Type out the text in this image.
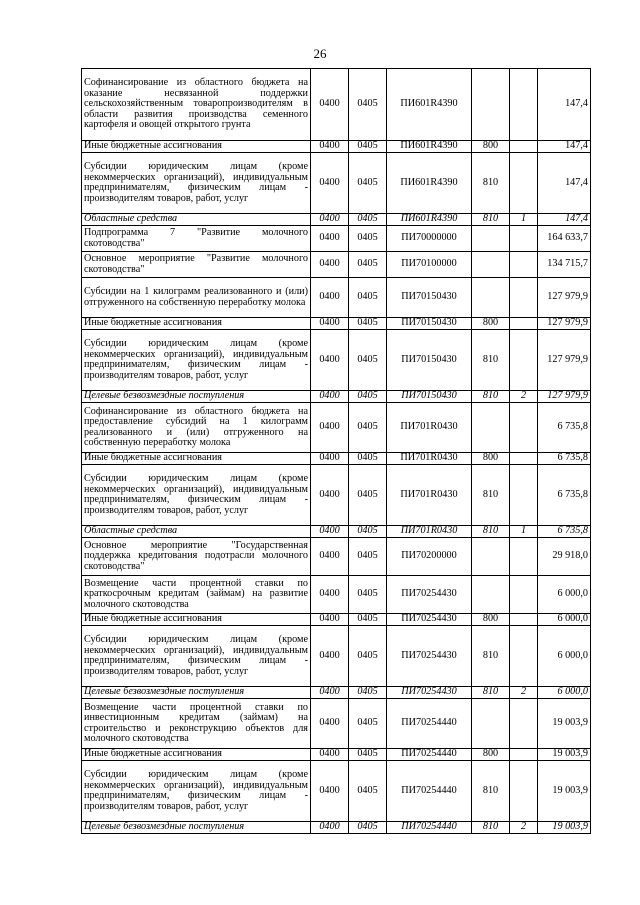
26
Софинансирование из областного бюджета на оказание несвязанной поддержки сельскохозяйственным товаропроизводителям в области развития производства семенного картофеля и овощей открытого грунта	0400	0405	ПИ601R4390			147,4
Иные бюджетные ассигнования	0400	0405	ПИ601R4390	800		147,4
Субсидии юридическим лицам (кроме некоммерческих организаций), индивидуальным предпринимателям, физическим лицам - производителям товаров, работ, услуг	0400	0405	ПИ601R4390	810		147,4
Областные средства	0400	0405	ПИ601R4390	810	1	147,4
Подпрограмма 7 "Развитие молочного скотоводства"	0400	0405	ПИ70000000			164 633,7
Основное мероприятие "Развитие молочного скотоводства"	0400	0405	ПИ70100000			134 715,7
Субсидии на 1 килограмм реализованного и (или) отгруженного на собственную переработку молока	0400	0405	ПИ70150430			127 979,9
Иные бюджетные ассигнования	0400	0405	ПИ70150430	800		127 979,9
Субсидии юридическим лицам (кроме некоммерческих организаций), индивидуальным предпринимателям, физическим лицам - производителям товаров, работ, услуг	0400	0405	ПИ70150430	810		127 979,9
Целевые безвозмездные поступления	0400	0405	ПИ70150430	810	2	127 979,9
Софинансирование из областного бюджета на предоставление субсидий на 1 килограмм реализованного и (или) отгруженного на собственную переработку молока	0400	0405	ПИ701R0430			6 735,8
Иные бюджетные ассигнования	0400	0405	ПИ701R0430	800		6 735,8
Субсидии юридическим лицам (кроме некоммерческих организаций), индивидуальным предпринимателям, физическим лицам - производителям товаров, работ, услуг	0400	0405	ПИ701R0430	810		6 735,8
Областные средства	0400	0405	ПИ701R0430	810	1	6 735,8
Основное мероприятие "Государственная поддержка кредитования подотрасли молочного скотоводства"	0400	0405	ПИ70200000			29 918,0
Возмещение части процентной ставки по краткосрочным кредитам (займам) на развитие молочного скотоводства	0400	0405	ПИ70254430			6 000,0
Иные бюджетные ассигнования	0400	0405	ПИ70254430	800		6 000,0
Субсидии юридическим лицам (кроме некоммерческих организаций), индивидуальным предпринимателям, физическим лицам - производителям товаров, работ, услуг	0400	0405	ПИ70254430	810		6 000,0
Целевые безвозмездные поступления	0400	0405	ПИ70254430	810	2	6 000,0
Возмещение части процентной ставки по инвестиционным кредитам (займам) на строительство и реконструкцию объектов для молочного скотоводства	0400	0405	ПИ70254440			19 003,9
Иные бюджетные ассигнования	0400	0405	ПИ70254440	800		19 003,9
Субсидии юридическим лицам (кроме некоммерческих организаций), индивидуальным предпринимателям, физическим лицам - производителям товаров, работ, услуг	0400	0405	ПИ70254440	810		19 003,9
Целевые безвозмездные поступления	0400	0405	ПИ70254440	810	2	19 003,9
